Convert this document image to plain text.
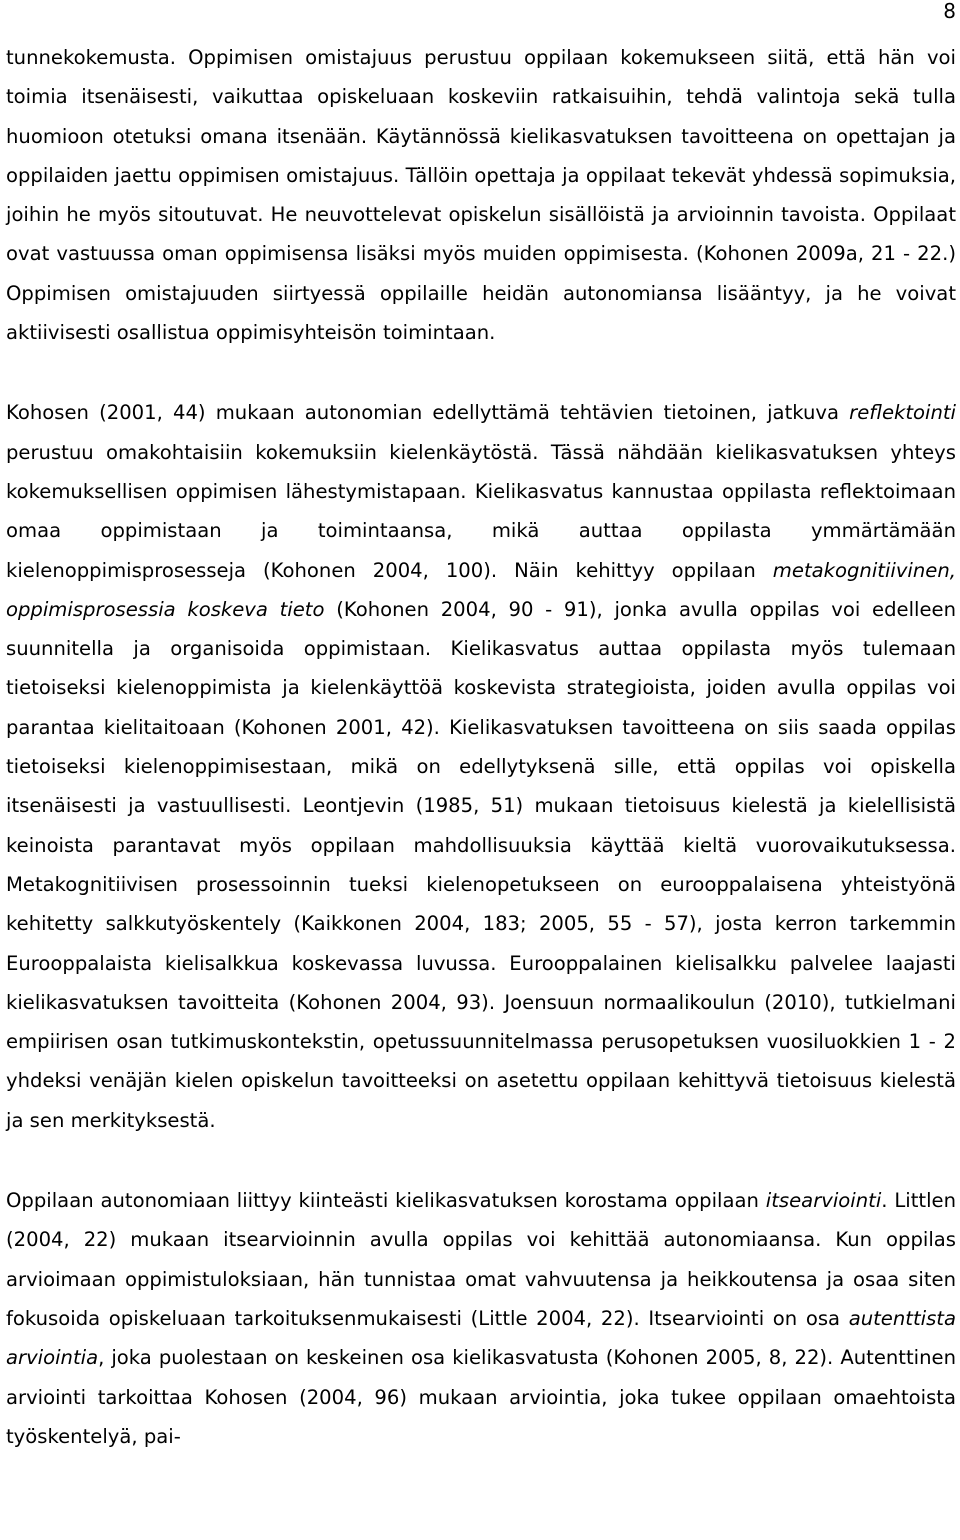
8

tunnekokemusta. Oppimisen omistajuus perustuu oppilaan kokemukseen siitä, että hän voi toimia itsenäisesti, vaikuttaa opiskeluaan koskeviin ratkaisuihin, tehdä valintoja sekä tulla huomioon otetuksi omana itsenään. Käytännössä kielikasvatuksen tavoitteena on opettajan ja oppilaiden jaettu oppimisen omistajuus. Tällöin opettaja ja oppilaat tekevät yhdessä sopimuksia, joihin he myös sitoutuvat. He neuvottelevat opiskelun sisällöistä ja arvioinnin tavoista. Oppilaat ovat vastuussa oman oppimisensa lisäksi myös muiden oppimisesta. (Kohonen 2009a, 21 - 22.) Oppimisen omistajuuden siirtyessä oppilaille heidän autonomiansa lisääntyy, ja he voivat aktiivisesti osallistua oppimisyhteisön toimintaan.

Kohosen (2001, 44) mukaan autonomian edellyttämä tehtävien tietoinen, jatkuva reflektointi perustuu omakohtaisiin kokemuksiin kielenkäytöstä. Tässä nähdään kielikasvatuksen yhteys kokemuksellisen oppimisen lähestymistapaan. Kielikasvatus kannustaa oppilasta reflektoimaan omaa oppimistaan ja toimintaansa, mikä auttaa oppilasta ymmärtämään kielenoppimisprosesseja (Kohonen 2004, 100). Näin kehittyy oppilaan metakognitiivinen, oppimisprosessia koskeva tieto (Kohonen 2004, 90 - 91), jonka avulla oppilas voi edelleen suunnitella ja organisoida oppimistaan. Kielikasvatus auttaa oppilasta myös tulemaan tietoiseksi kielenoppimista ja kielenkäyttöä koskevista strategioista, joiden avulla oppilas voi parantaa kielitaitoaan (Kohonen 2001, 42). Kielikasvatuksen tavoitteena on siis saada oppilas tietoiseksi kielenoppimisestaan, mikä on edellytyksenä sille, että oppilas voi opiskella itsenäisesti ja vastuullisesti. Leontjevin (1985, 51) mukaan tietoisuus kielestä ja kielellisistä keinoista parantavat myös oppilaan mahdollisuuksia käyttää kieltä vuorovaikutuksessa. Metakognitiivisen prosessoinnin tueksi kielenopetukseen on eurooppalaisena yhteistyönä kehitetty salkkutyöskentely (Kaikkonen 2004, 183; 2005, 55 - 57), josta kerron tarkemmin Eurooppalaista kielisalkkua koskevassa luvussa. Eurooppalainen kielisalkku palvelee laajasti kielikasvatuksen tavoitteita (Kohonen 2004, 93). Joensuun normaalikoulun (2010), tutkielmani empiirisen osan tutkimuskontekstin, opetussuunnitelmassa perusopetuksen vuosiluokkien 1 - 2 yhdeksi venäjän kielen opiskelun tavoitteeksi on asetettu oppilaan kehittyvä tietoisuus kielestä ja sen merkityksestä.

Oppilaan autonomiaan liittyy kiinteästi kielikasvatuksen korostama oppilaan itsearviointi. Littlen (2004, 22) mukaan itsearvioinnin avulla oppilas voi kehittää autonomiaansa. Kun oppilas arvioimaan oppimistuloksiaan, hän tunnistaa omat vahvuutensa ja heikkoutensa ja osaa siten fokusoida opiskeluaan tarkoituksenmukaisesti (Little 2004, 22). Itsearviointi on osa autenttista arviointia, joka puolestaan on keskeinen osa kielikasvatusta (Kohonen 2005, 8, 22). Autenttinen arviointi tarkoittaa Kohosen (2004, 96) mukaan arviointia, joka tukee oppilaan omaehtoista työskentelyä, pai-
